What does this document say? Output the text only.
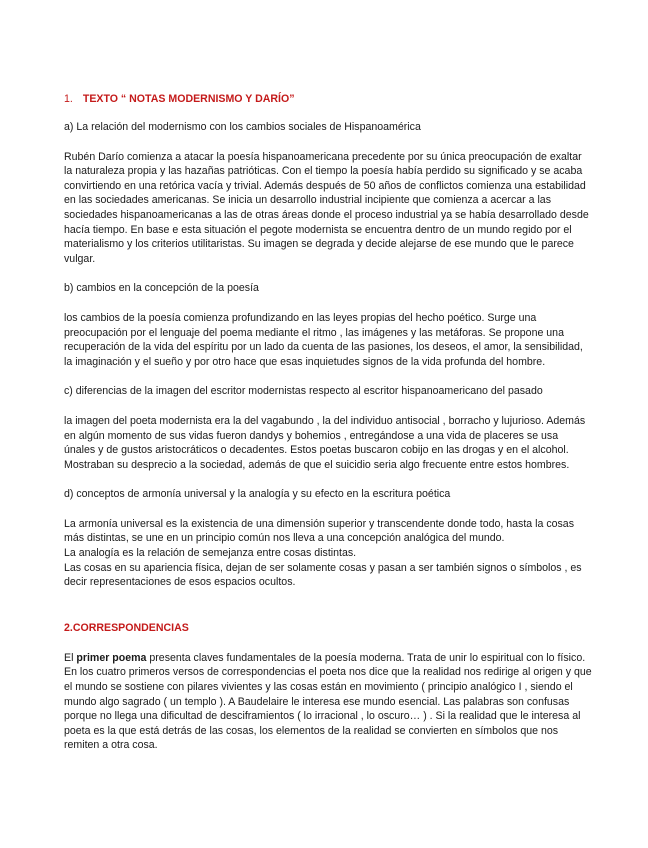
1. TEXTO “ NOTAS MODERNISMO Y DARÍO”

a) La relación del modernismo con los cambios sociales de Hispanoamérica

Rubén Darío comienza a atacar la poesía hispanoamericana precedente por su única preocupación de exaltar la naturaleza propia y las hazañas patrióticas. Con el tiempo la poesía había perdido su significado y se acaba convirtiendo en una retórica vacía y trivial. Además después de 50 años de conflictos comienza una estabilidad en las sociedades americanas. Se inicia un desarrollo industrial incipiente que comienza a acercar a las sociedades hispanoamericanas a las de otras áreas donde el proceso industrial ya se había desarrollado desde hacía tiempo. En base e esta situación el pegote modernista se encuentra dentro de un mundo regido por el materialismo y los criterios utilitaristas. Su imagen se degrada y decide alejarse de ese mundo que le parece vulgar.

b) cambios en la concepción de la poesía

los cambios de la poesía comienza profundizando en las leyes propias del hecho poético. Surge una preocupación por el lenguaje del poema mediante el ritmo , las imágenes y las metáforas. Se propone una recuperación de la vida del espíritu por un lado da cuenta de las pasiones, los deseos, el amor, la sensibilidad, la imaginación y el sueño y por otro hace que esas inquietudes signos de la vida profunda del hombre.

c) diferencias de la imagen del escritor modernistas respecto al escritor hispanoamericano del pasado

la imagen del poeta modernista era la del vagabundo , la del individuo antisocial , borracho y lujurioso. Además en algún momento de sus vidas fueron dandys y bohemios , entregándose a una vida de placeres se usa únales y de gustos aristocráticos o decadentes. Estos poetas buscaron cobijo en las drogas y en el alcohol. Mostraban su desprecio a la sociedad, además de que el suicidio seria algo frecuente entre estos hombres.

d) conceptos de armonía universal y la analogía y su efecto en la escritura poética

La armonía universal es la existencia de una dimensión superior y transcendente donde todo, hasta la cosas más distintas, se une en un principio común nos lleva a una concepción analógica del mundo.

La analogía es la relación de semejanza entre cosas distintas.

Las cosas en su apariencia física, dejan de ser solamente cosas y pasan a ser también signos o símbolos , es decir representaciones de esos espacios ocultos.

2.CORRESPONDENCIAS

El primer poema presenta claves fundamentales de la poesía moderna. Trata de unir lo espiritual con lo físico. En los cuatro primeros versos de correspondencias el poeta nos dice que la realidad nos redirige al origen y que el mundo se sostiene con pilares vivientes y las cosas están en movimiento ( principio analógico I , siendo el mundo algo sagrado ( un templo ). A Baudelaire le interesa ese mundo esencial. Las palabras son confusas porque no llega una dificultad de desciframientos ( lo irracional , lo oscuro… ) . Si la realidad que le interesa al poeta es la que está detrás de las cosas, los elementos de la realidad se convierten en símbolos que nos remiten a otra cosa.
